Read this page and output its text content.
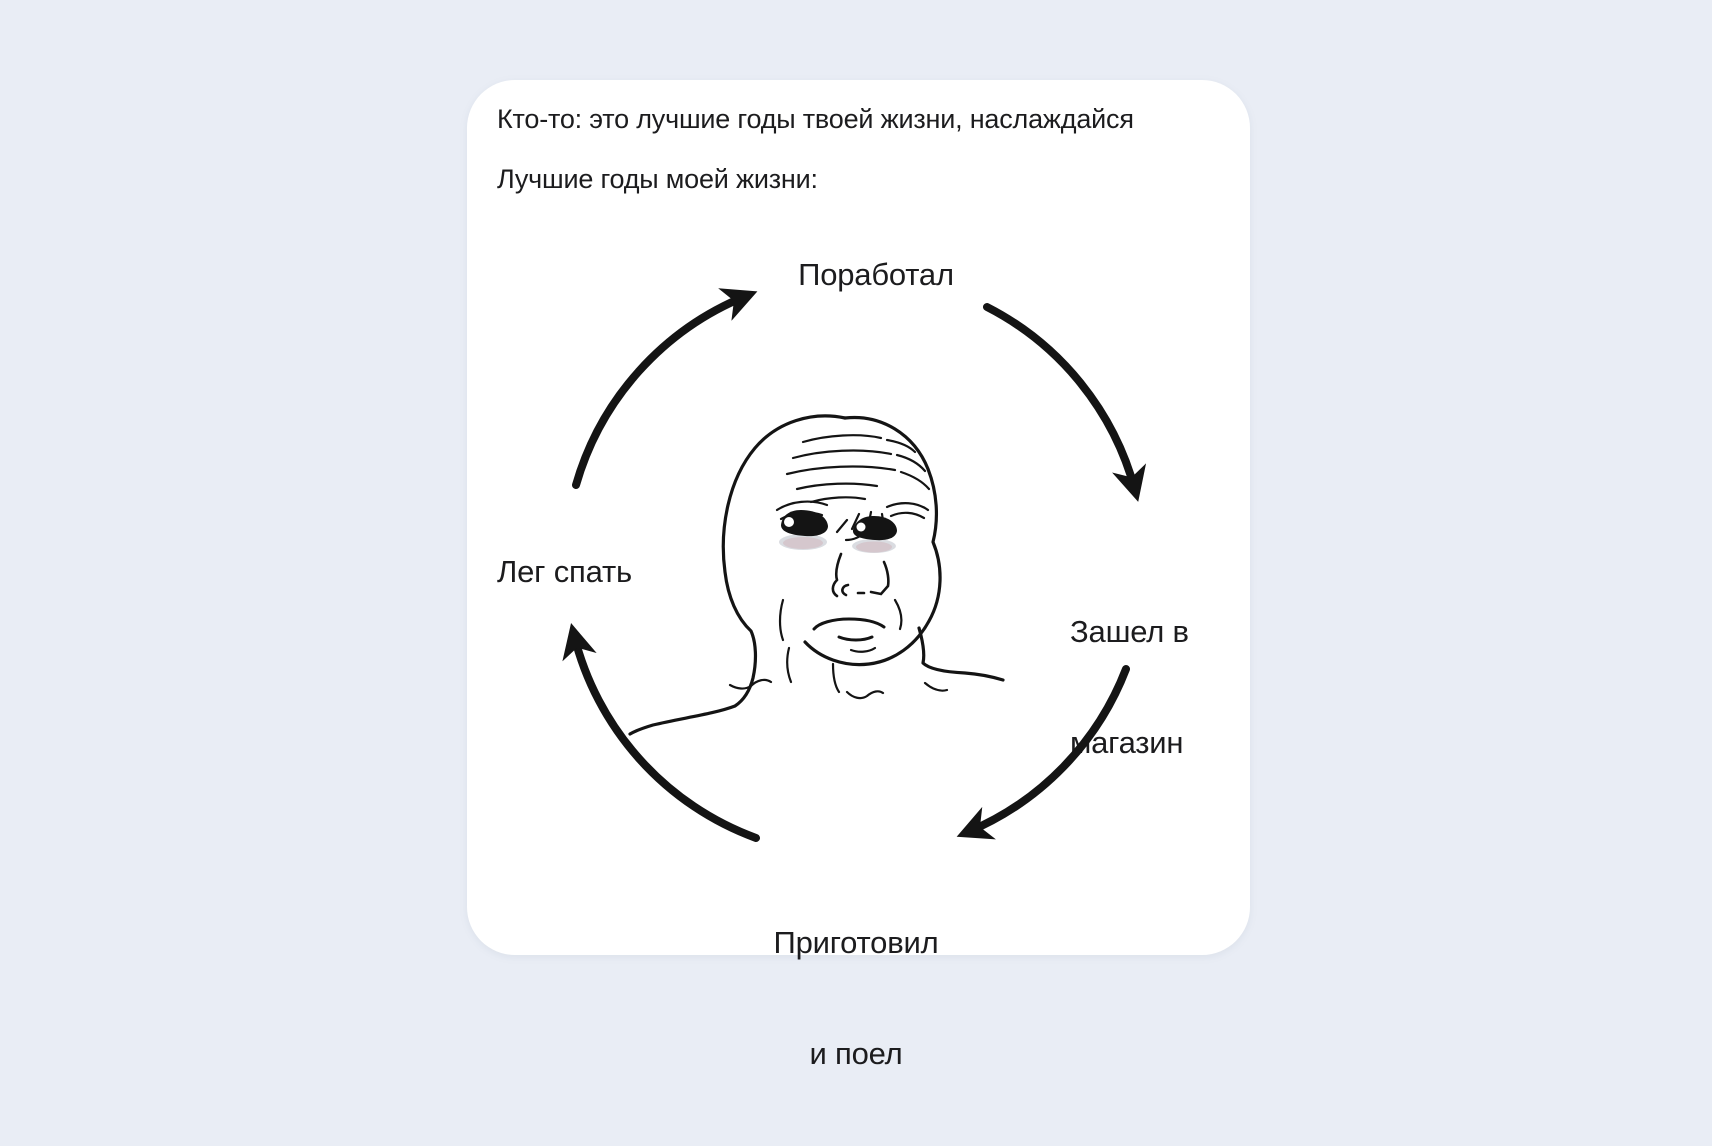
Кто-то: это лучшие годы твоей жизни, наслаждайся
Лучшие годы моей жизни:
Поработал

Зашел в

магазин

Приготовил

и поел

Лег спать
